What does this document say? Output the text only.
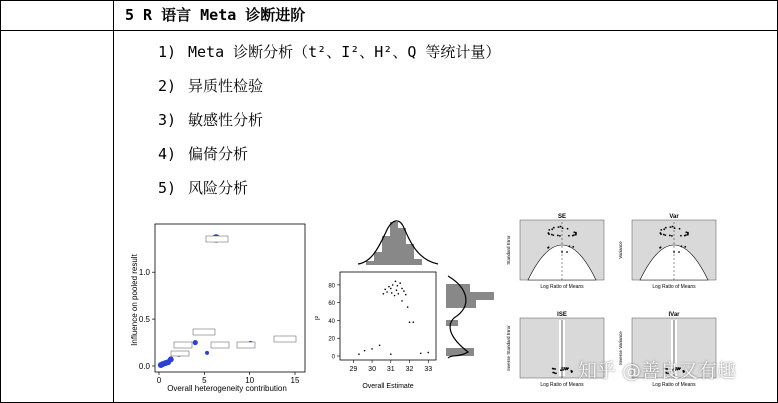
5 R 语言 Meta 诊断进阶
1) Meta 诊断分析（t²、I²、H²、Q 等统计量）
2) 异质性检验
3) 敏感性分析
4) 偏倚分析
5) 风险分析
0	5	10	15
0.0
0.5
1.0
Overall heterogeneity contribution
Influence on pooled result
29 30 31 32 33
0
20
40
60
80
Overall Estimate
I²
SE
Log Ratio of Means
Standard Error
Var
Log Ratio of Means
Variance
ISE
Log Ratio of Means
Inverse Standard Error
IVar
Log Ratio of Means
Inverse Variance
知乎 @善良又有趣
